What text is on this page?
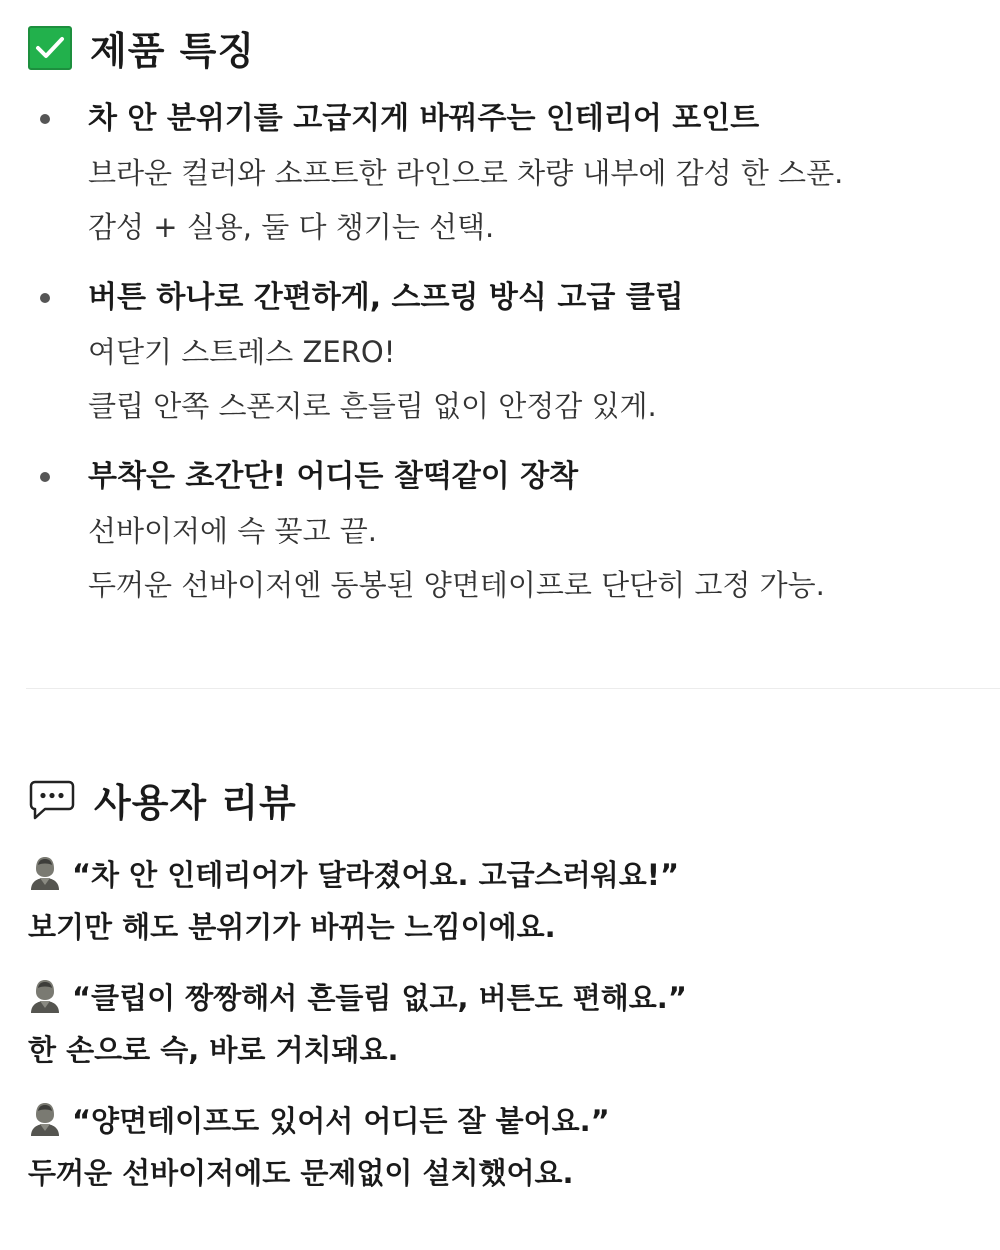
제품 특징
차 안 분위기를 고급지게 바꿔주는 인테리어 포인트
브라운 컬러와 소프트한 라인으로 차량 내부에 감성 한 스푼.
감성 + 실용, 둘 다 챙기는 선택.
버튼 하나로 간편하게, 스프링 방식 고급 클립
여닫기 스트레스 ZERO!
클립 안쪽 스폰지로 흔들림 없이 안정감 있게.
부착은 초간단! 어디든 찰떡같이 장착
선바이저에 슥 꽂고 끝.
두꺼운 선바이저엔 동봉된 양면테이프로 단단히 고정 가능.
사용자 리뷰
“차 안 인테리어가 달라졌어요. 고급스러워요!”
보기만 해도 분위기가 바뀌는 느낌이에요.
“클립이 짱짱해서 흔들림 없고, 버튼도 편해요.”
한 손으로 슥, 바로 거치돼요.
“양면테이프도 있어서 어디든 잘 붙어요.”
두꺼운 선바이저에도 문제없이 설치했어요.
